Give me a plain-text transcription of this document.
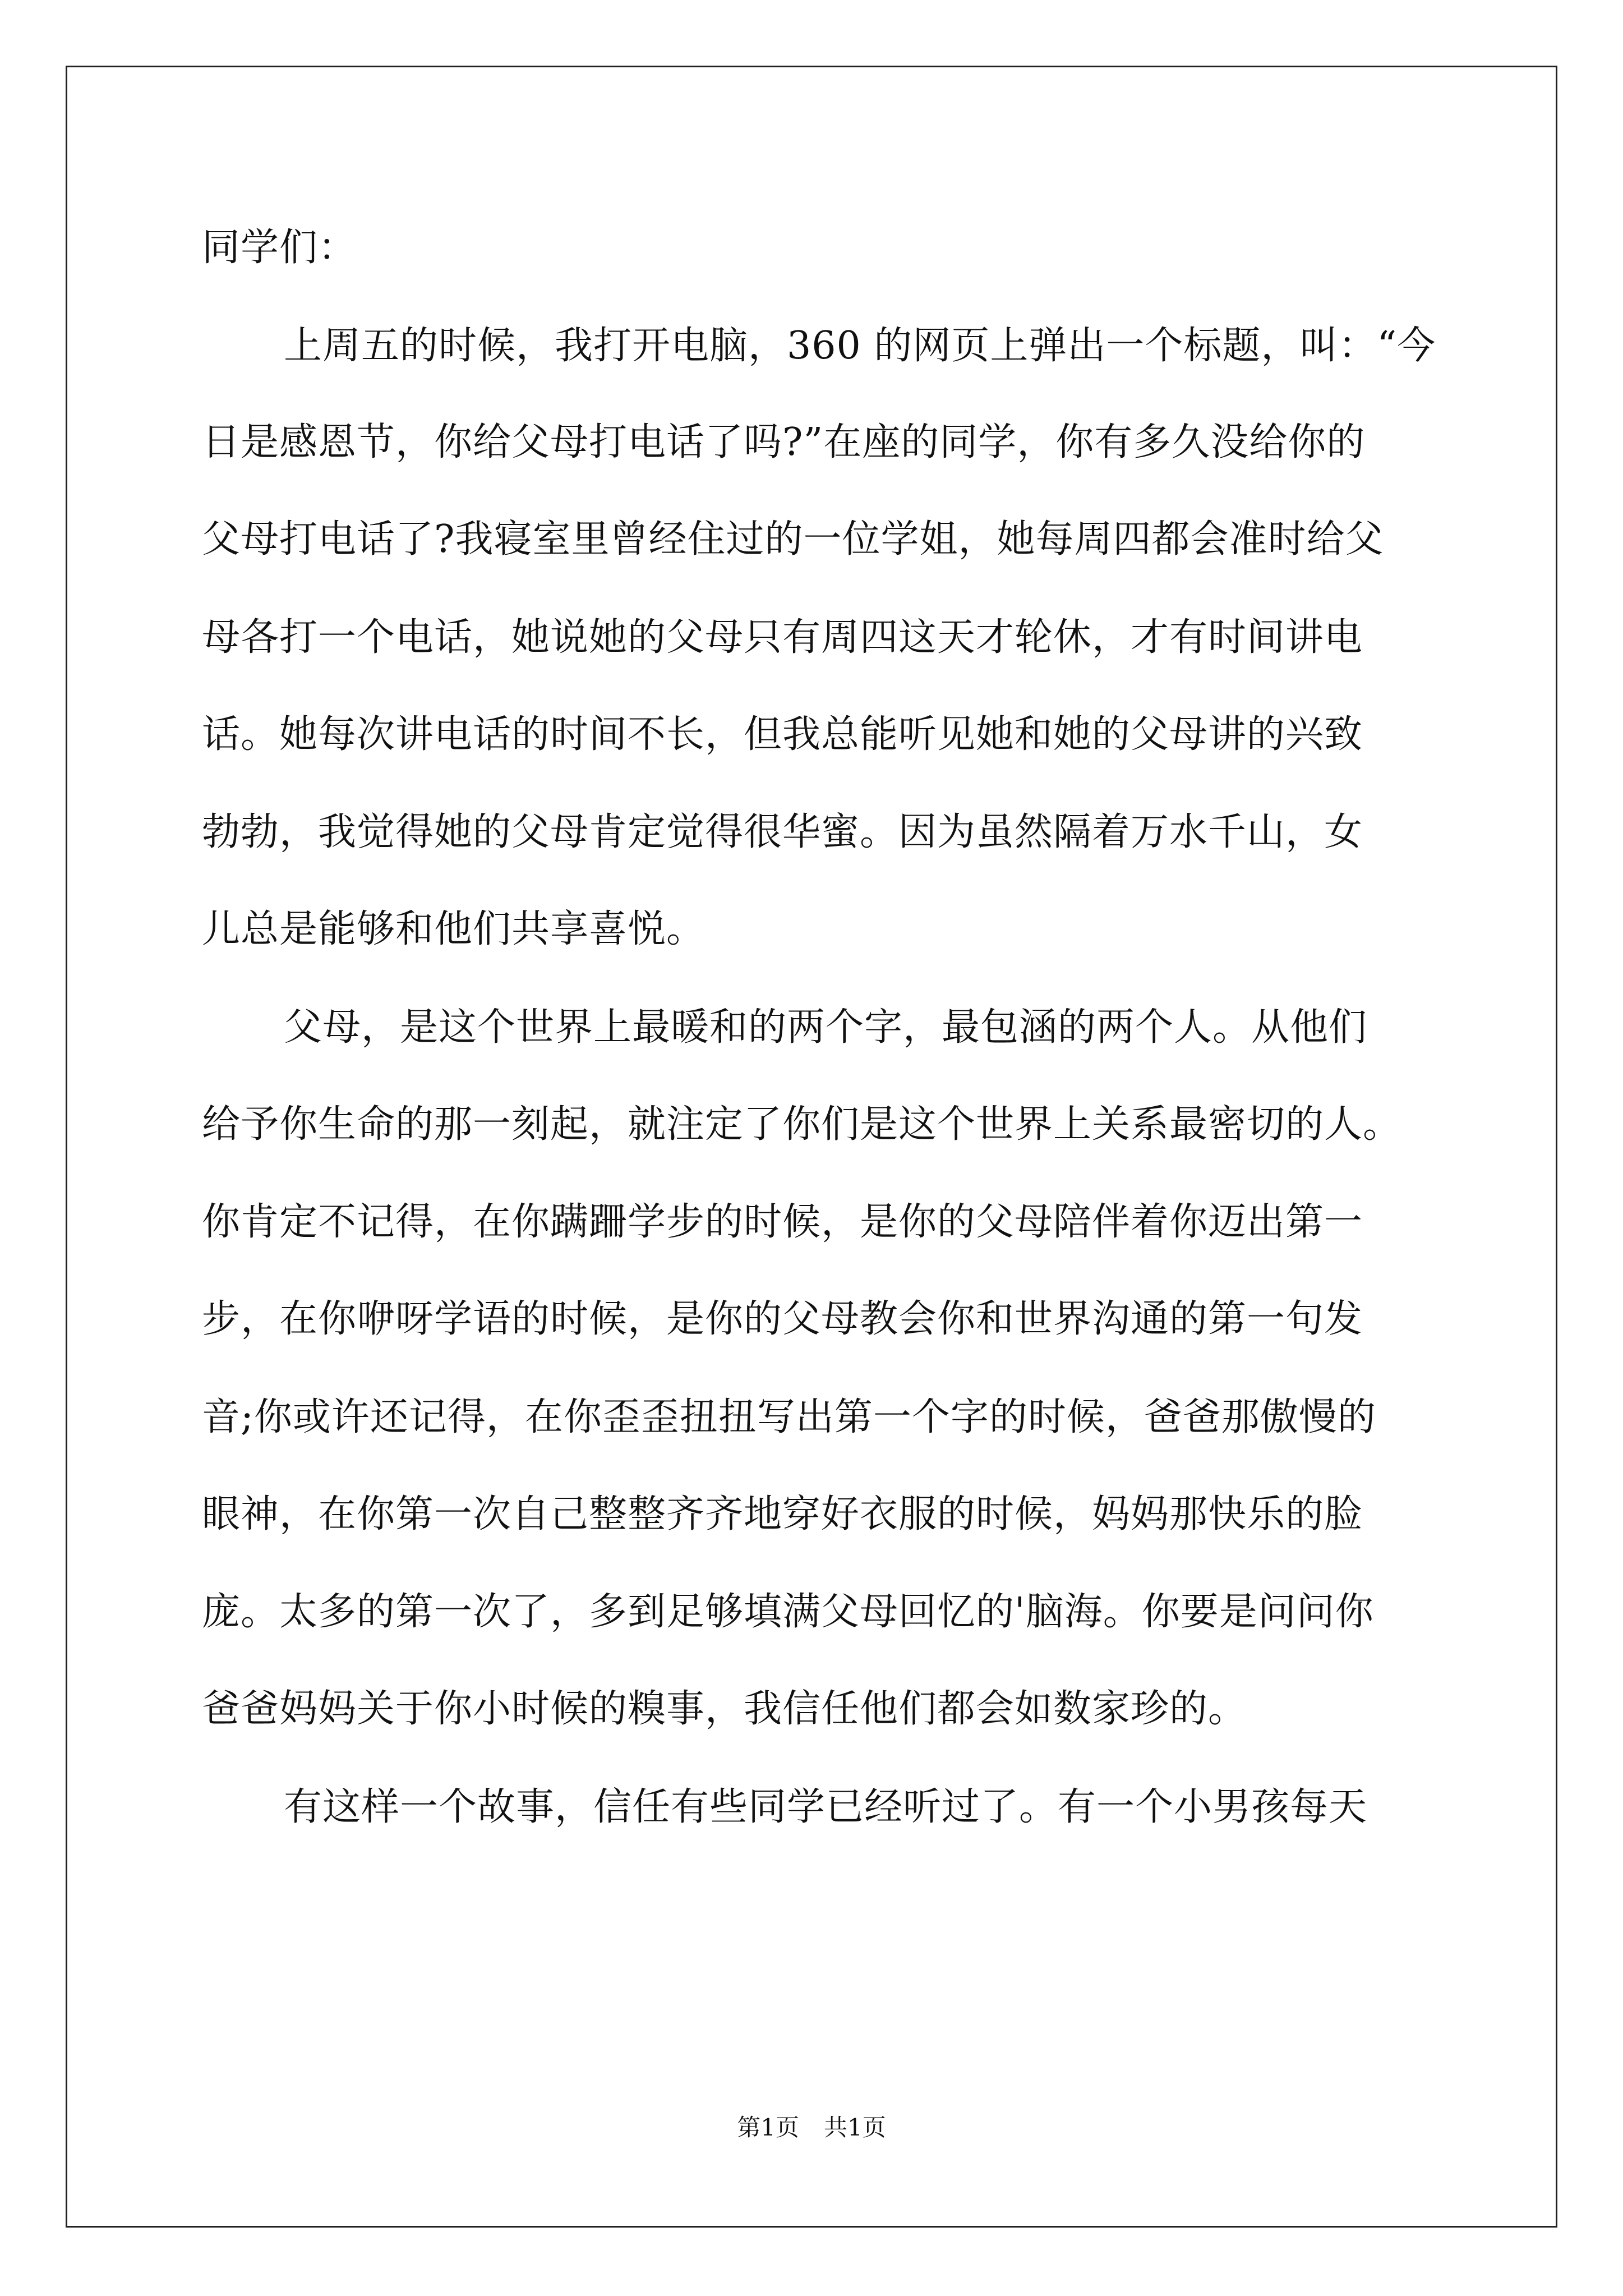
同学们：
上周五的时候，我打开电脑，360 的网页上弹出一个标题，叫：“今
日是感恩节，你给父母打电话了吗?”在座的同学，你有多久没给你的
父母打电话了?我寝室里曾经住过的一位学姐，她每周四都会准时给父
母各打一个电话，她说她的父母只有周四这天才轮休，才有时间讲电
话。她每次讲电话的时间不长，但我总能听见她和她的父母讲的兴致
勃勃，我觉得她的父母肯定觉得很华蜜。因为虽然隔着万水千山，女
儿总是能够和他们共享喜悦。
父母，是这个世界上最暖和的两个字，最包涵的两个人。从他们
给予你生命的那一刻起，就注定了你们是这个世界上关系最密切的人。
你肯定不记得，在你蹒跚学步的时候，是你的父母陪伴着你迈出第一
步，在你咿呀学语的时候，是你的父母教会你和世界沟通的第一句发
音;你或许还记得，在你歪歪扭扭写出第一个字的时候，爸爸那傲慢的
眼神，在你第一次自己整整齐齐地穿好衣服的时候，妈妈那快乐的脸
庞。太多的第一次了，多到足够填满父母回忆的'脑海。你要是问问你
爸爸妈妈关于你小时候的糗事，我信任他们都会如数家珍的。
有这样一个故事，信任有些同学已经听过了。有一个小男孩每天
第1页 共1页
